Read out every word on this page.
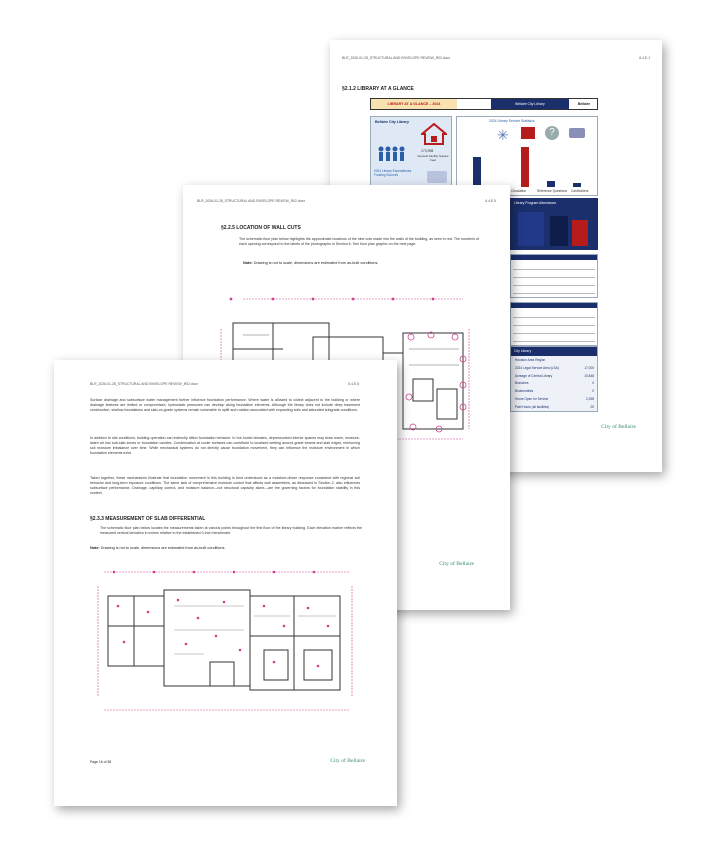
BLR_2026-01-28_STRUCTURAL AND ENVELOPE REVIEW_R02.docx	6.4.E.1
§2.1.2 LIBRARY AT A GLANCE
LIBRARY AT A GLANCE – 2024	Bellaire City Library	Bellaire
Bellaire City Library
173,998
General Facility Square Feet
2024 Library Expenditures Funding Sources
2024 Library Service Statistics
✳	?
Circulation	Reference Questions Cardholders
Library Program Attendance
City Library
Houston Area Region
2024 Legal Service Area (LSA)	17,000
Acreage of Central Library	10,848
Branches	0
Bookmobiles	0
Hours Open for Service	2,398
Paid Hours (all facilities)	00
City of Bellaire
BLR_2026-01-28_STRUCTURAL AND ENVELOPE REVIEW_R02.docx	6.4.E.5
§2.2.5 LOCATION OF WALL CUTS
The schematic floor plan below highlights the approximate locations of the nine cuts made into the walls of the building, as seen in red. The numbers of each opening correspond to the labels of the photographs in Section 6. See floor plan graphic on the next page.
Note: Drawing is not to scale, dimensions are estimated from as-built conditions.
City of Bellaire
BLR_2026-01-28_STRUCTURAL AND ENVELOPE REVIEW_R02.docx	6.4.E.5
Surface drainage and subsurface water management further influence foundation performance. Where water is allowed to collect adjacent to the building or where drainage features are limited or compromised, hydrostatic pressures can develop along foundation elements. Although the library does not include deep basement construction, shallow foundations and slab-on-grade systems remain vulnerable to uplift and rotation associated with expanding soils and saturated subgrade conditions.
In addition to site conditions, building operation can indirectly affect foundation behavior. In hot-humid climates, depressurized interior spaces may draw warm, moisture-laden air into sub-slab zones or foundation cavities. Condensation at cooler surfaces can contribute to localized wetting around grade beams and slab edges, reinforcing soil moisture imbalance over time. While mechanical systems do not directly cause foundation movement, they can influence the moisture environment in which foundation elements exist.
Taken together, these mechanisms illustrate that foundation movement in this building is best understood as a moisture-driven response consistent with regional soil behavior and long-term exposure conditions. The same lack of comprehensive moisture control that affects wall assemblies, as discussed in Section 2, also influences subsurface performance. Drainage, capillary control, and moisture balance—not structural capacity alone—are the governing factors for foundation stability in this context.
§2.3.3 MEASUREMENT OF SLAB DIFFERENTIAL
The schematic floor plan below locates the measurements taken at various points throughout the first floor of the library building. Each elevation marker reflects the measured vertical deviation in inches relative to the established 0-inch benchmark.
Note: Drawing is not to scale, dimensions are estimated from as-built conditions.
Page 16 of 38	City of Bellaire
